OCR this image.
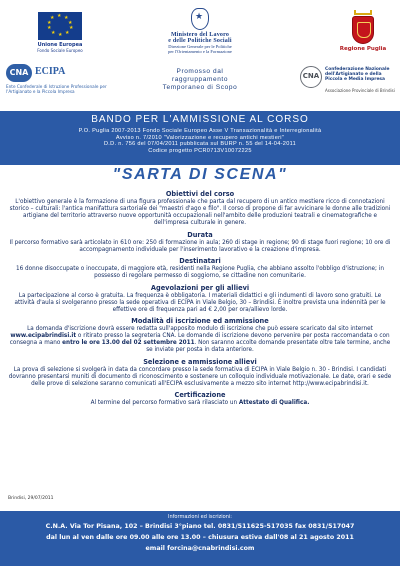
★ ★
★
★
★
★
★
★
★
★
Unione Europea
Fondo Sociale Europeo
★
Ministero del Lavoro
e delle Politiche Sociali
Direzione Generale per le Politiche
per l'Orientamento e la Formazione	Regione Puglia
CNA ECIPA
Ente Confederale di Istruzione Professionale per l'Artigianato e la Piccola Impresa
Promosso dal
raggruppamento
Temporaneo di Scopo
CNA
Confederazione Nazionale dell'Artigianato e della Piccola e Media Impresa
Associazione Provinciale di Brindisi
BANDO PER L'AMMISSIONE AL CORSO
P.O. Puglia 2007-2013 Fondo Sociale Europeo Asse V Transazionalità e Interregionalità
Avviso n. 7/2010 "Valorizzazione e recupero antichi mestieri"
D.D. n. 756 del 07/04/2011 pubblicata sul BURP n. 55 del 14-04-2011
Codice progetto PCR0713V10072225
"SARTA DI SCENA"
Obiettivi del corso

L'obiettivo generale è la formazione di una figura professionale che parta dal recupero di un antico mestiere ricco di connotazioni storico – culturali: l'antica manifattura sartoriale dei "maestri d'ago e filo". Il corso di propone di far avvicinare le donne alle tradizioni artigiane del territorio attraverso nuove opportunità occupazionali nell'ambito delle produzioni teatrali e cinematografiche e dell'impresa culturale in genere.

Durata

Il percorso formativo sarà articolato in 610 ore: 250 di formazione in aula; 260 di stage in regione; 90 di stage fuori regione; 10 ore di accompagnamento individuale per l'inserimento lavorativo e la creazione d'impresa.

Destinatari

16 donne disoccupate o inoccupate, di maggiore età, residenti nella Regione Puglia, che abbiano assolto l'obbligo d'istruzione; in possesso di regolare permesso di soggiorno, se cittadine non comunitarie.

Agevolazioni per gli allievi

La partecipazione al corso è gratuita. La frequenza è obbligatoria. I materiali didattici e gli indumenti di lavoro sono gratuiti. Le attività d'aula si svolgeranno presso la sede operativa di ECIPA in Viale Belgio, 30 – Brindisi. È inoltre prevista una indennità per le effettive ore di frequenza pari ad € 2,00 per ora/allievo lorde.

Modalità di iscrizione ed ammissione

La domanda d'iscrizione dovrà essere redatta sull'apposito modulo di iscrizione che può essere scaricato dal sito internet www.ecipabrindisi.it o ritirato presso la segreteria CNA. Le domande di iscrizione devono pervenire per posta raccomandata o con consegna a mano entro le ore 13.00 del 02 settembre 2011. Non saranno accolte domande presentate oltre tale termine, anche se inviate per posta in data anteriore.

Selezione e ammissione allievi

La prova di selezione si svolgerà in data da concordare presso la sede formativa di ECIPA in Viale Belgio n. 30 - Brindisi. I candidati dovranno presentarsi muniti di documento di riconoscimento e sostenere un colloquio individuale motivazionale. Le date, orari e sede delle prove di selezione saranno comunicati all'ECIPA esclusivamente a mezzo sito internet http://www.ecipabrindisi.it.

Certificazione

Al termine del percorso formativo sarà rilasciato un Attestato di Qualifica.

Brindisi, 29/07/2011
Informazioni ed iscrizioni:
C.N.A. Via Tor Pisana, 102 – Brindisi 3°piano tel. 0831/511625-517035 fax 0831/517047
dal lun al ven dalle ore 09.00 alle ore 13.00 – chiusura estiva dall'08 al 21 agosto 2011
email forcina@cnabrindisi.com
